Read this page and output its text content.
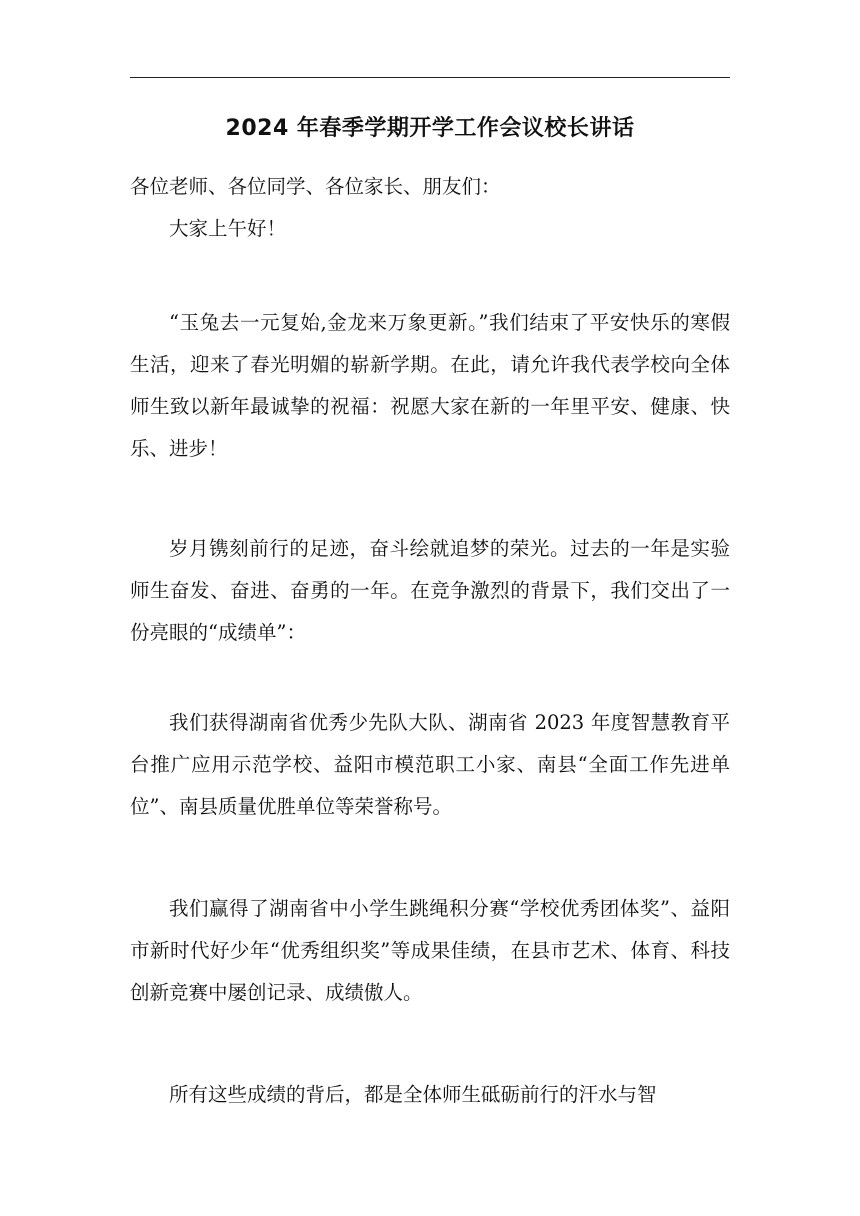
2024 年春季学期开学工作会议校长讲话
各位老师、各位同学、各位家长、朋友们：
大家上午好！
“玉兔去一元复始,金龙来万象更新。”我们结束了平安快乐的寒假生活，迎来了春光明媚的崭新学期。在此，请允许我代表学校向全体师生致以新年最诚挚的祝福：祝愿大家在新的一年里平安、健康、快乐、进步！
岁月镌刻前行的足迹，奋斗绘就追梦的荣光。过去的一年是实验师生奋发、奋进、奋勇的一年。在竞争激烈的背景下，我们交出了一份亮眼的“成绩单”：
我们获得湖南省优秀少先队大队、湖南省 2023 年度智慧教育平台推广应用示范学校、益阳市模范职工小家、南县“全面工作先进单位”、南县质量优胜单位等荣誉称号。
我们赢得了湖南省中小学生跳绳积分赛“学校优秀团体奖”、益阳市新时代好少年“优秀组织奖”等成果佳绩，在县市艺术、体育、科技创新竞赛中屡创记录、成绩傲人。
所有这些成绩的背后，都是全体师生砥砺前行的汗水与智
